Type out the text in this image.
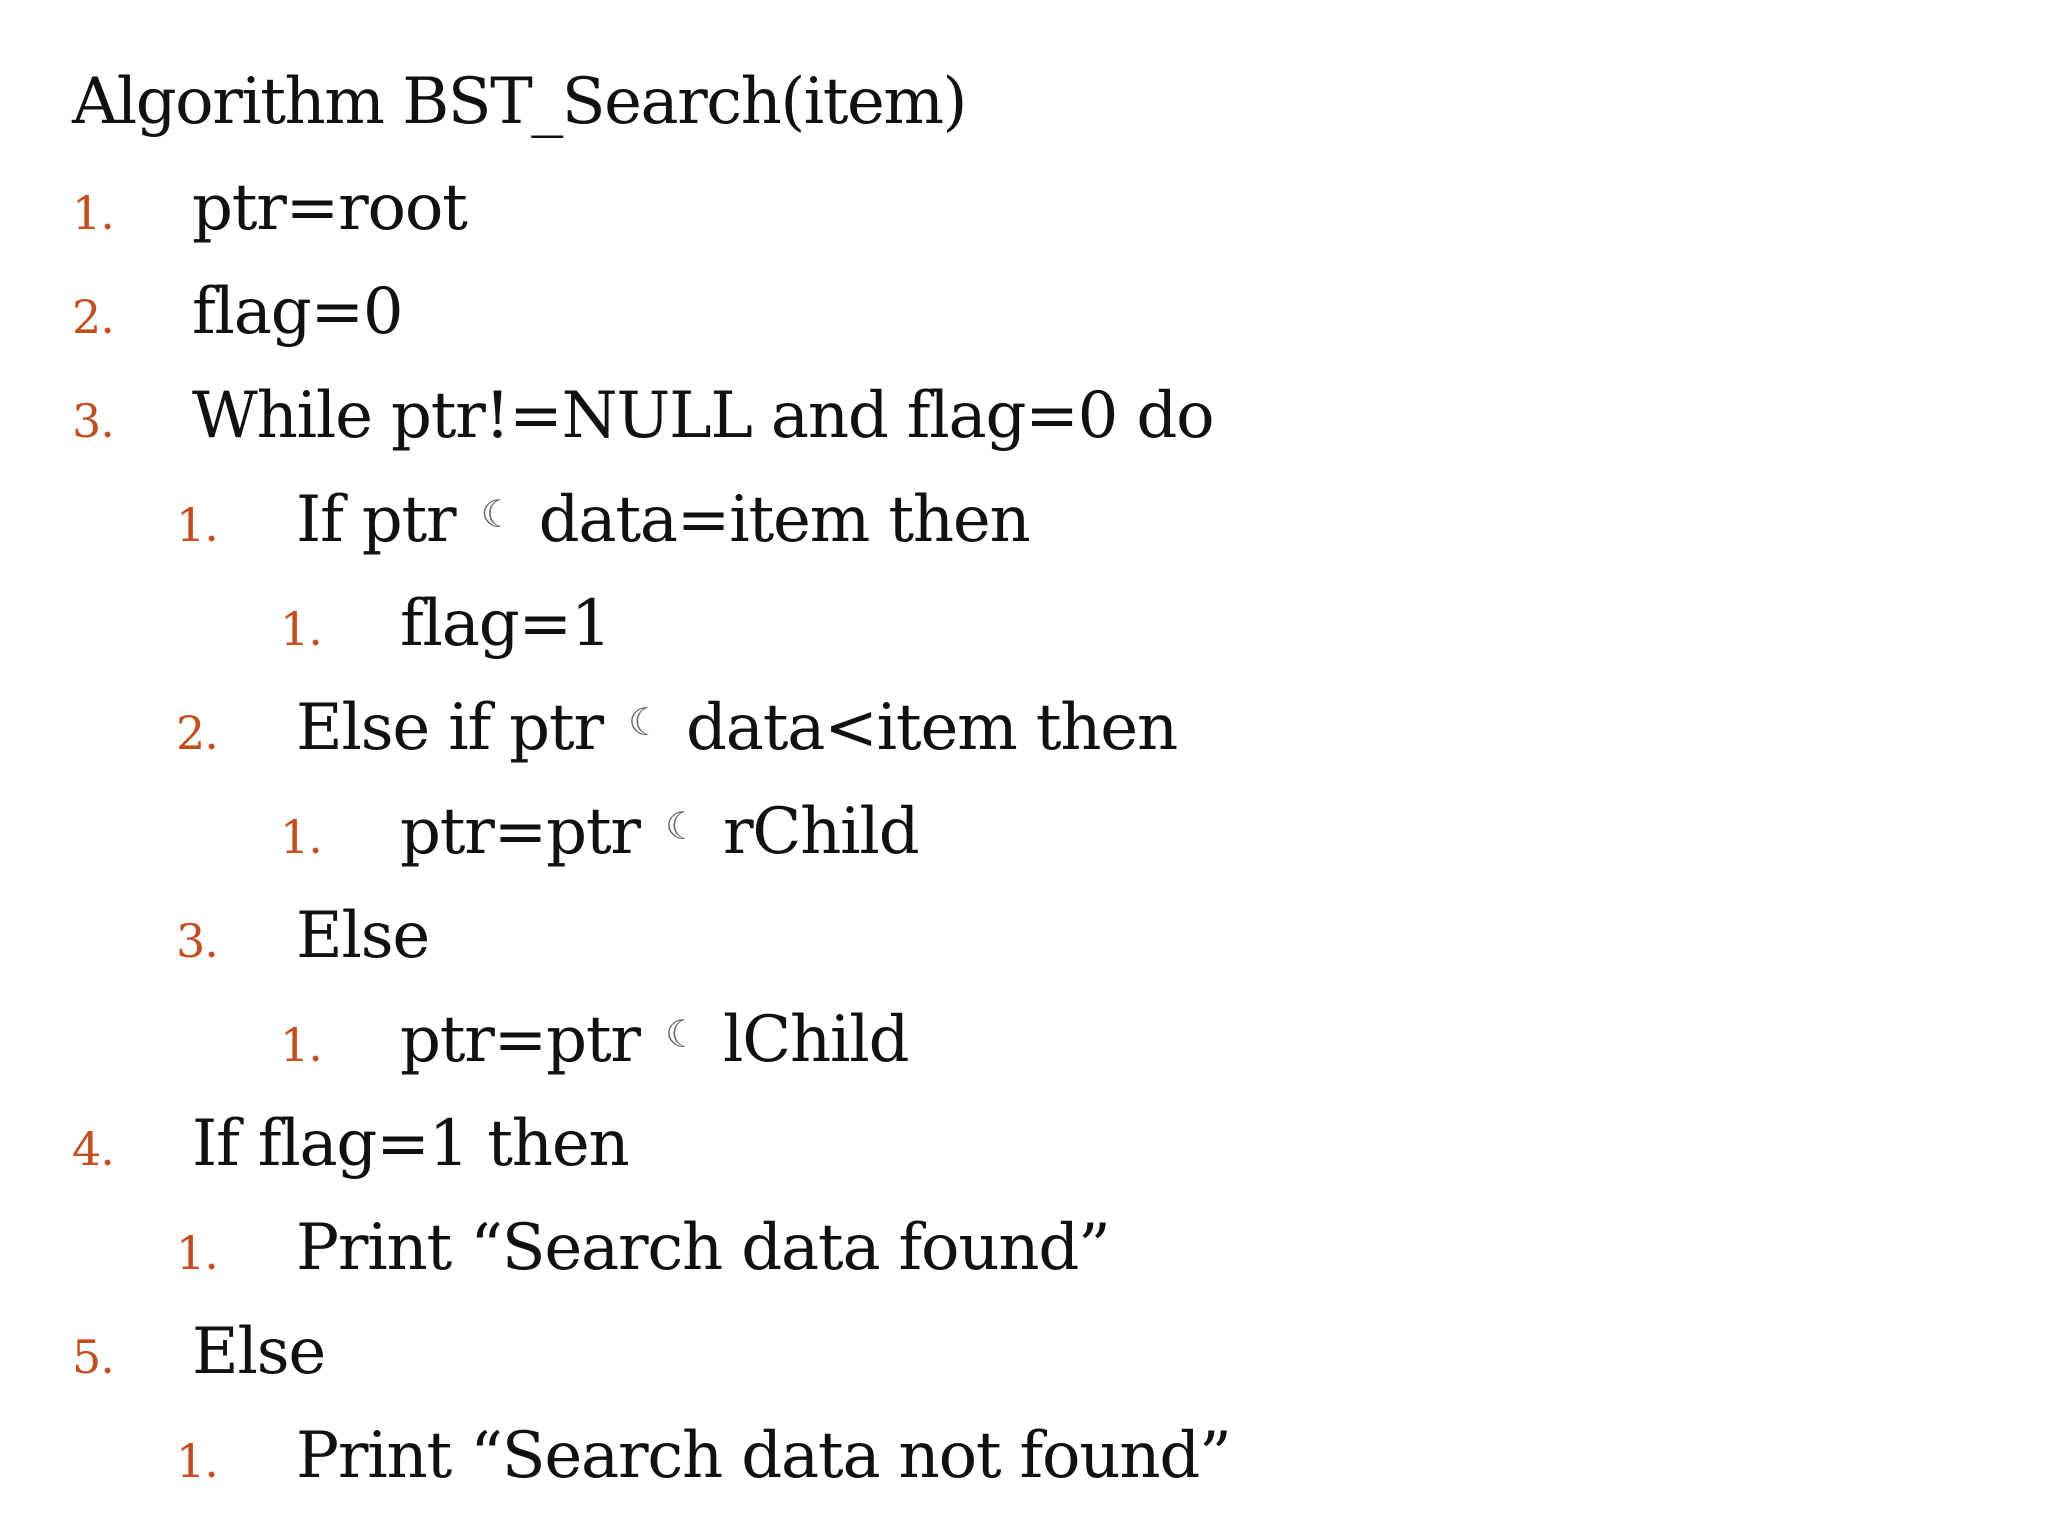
Algorithm BST_Search(item)
1. ptr=root
2. flag=0
3. While ptr!=NULL and flag=0 do
1. If ptr ☾ data=item then
1. flag=1
2. Else if ptr ☾ data<item then
1. ptr=ptr ☾ rChild
3. Else
1. ptr=ptr ☾ lChild
4. If flag=1 then
1. Print “Search data found”
5. Else
1. Print “Search data not found”
